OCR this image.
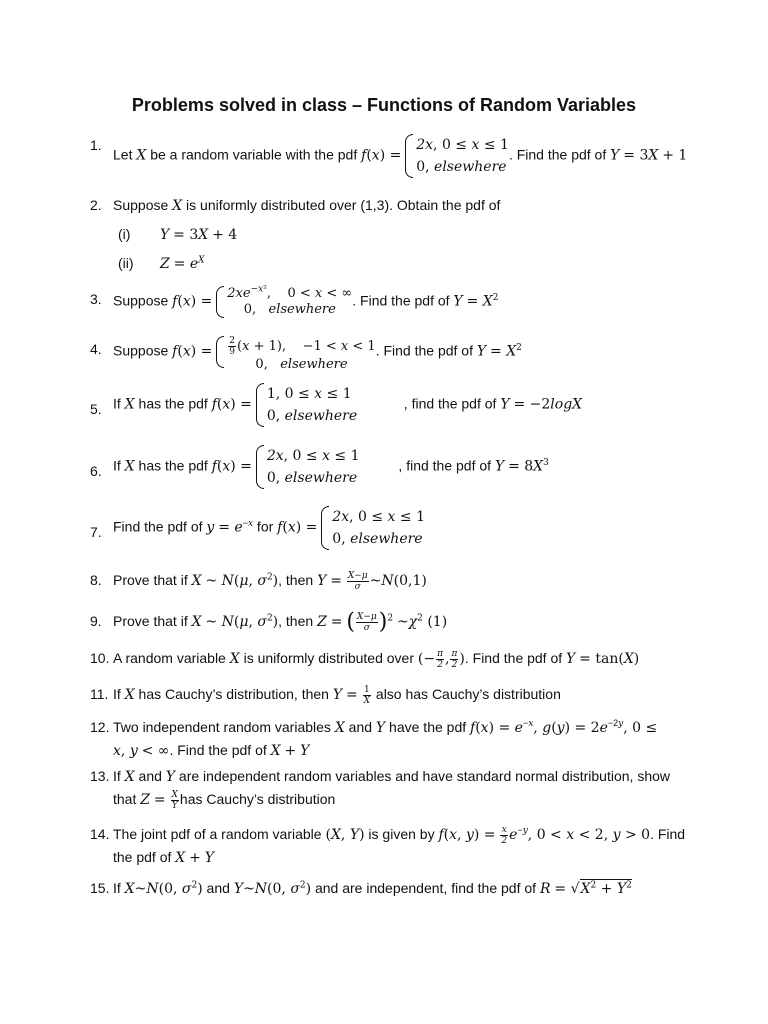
Problems solved in class – Functions of Random Variables
1.
Let X be a random variable with the pdf f(x) =
2x, 0 ≤ x ≤ 1
0, elsewhere
. Find the pdf of Y = 3X + 1
2. Suppose X is uniformly distributed over (1,3). Obtain the pdf of
(i) Y = 3X + 4
(ii) $Z = e^X$
3. Suppose f(x) =
$2xe^{-x^2}$,    0 < x < ∞
0,   elsewhere
. Find the pdf of $Y = X^2$
4. Suppose $f(x) = \frac{2}{9} (x + 1)$,    −1 < x < 1
0,   elsewhere
. Find the pdf of $Y = X^2$
5. If X has the pdf f(x) =
1, 0 ≤ x ≤ 1
0, elsewhere
, find the pdf of Y = −2logX
6. If X has the pdf f(x) =
2x, 0 ≤ x ≤ 1
0, elsewhere
, find the pdf of $Y = 8X^3$
7. Find the pdf of $y = e^{-x}$ for f(x) =
2x, 0 ≤ x ≤ 1
0, elsewhere
8. Prove that if X ~ N(μ, $\sigma^2$), then $Y = \frac{X-\mu}{\sigma}$ ~N(0,1)
9. Prove that if X ~ N(μ, $\sigma^2$), then Z = ( $\frac{X-\mu}{\sigma} )^2$ $\sim\chi^2$ (1)
10. A random variable X is uniformly distributed over (− $\frac{\pi}{2}$ , $\frac{\pi}{2}$ ). Find the pdf of Y = tan(X)
11. If X has Cauchy’s distribution, then $Y = \frac{1}{X}$ also has Cauchy’s distribution
12. Two independent random variables X and Y have the pdf $f(x) = e^{-x}$, $g(y) = 2e^{-2y}$, 0 ≤
x, y < ∞. Find the pdf of X + Y
13. If X and Y are independent random variables and have standard normal distribution, show
that $Z = \frac{X}{Y}$ has Cauchy’s distribution
14. The joint pdf of a random variable (X, Y) is given by f(x, $y) = \frac{x}{2} e^{-y}$, 0 < x < 2, y > 0. Find
the pdf of X + Y
15. If X~N(0, $\sigma^2$) and Y~N(0, $\sigma^2$) and are independent, find the pdf of $R = √X^2 + Y^2$
